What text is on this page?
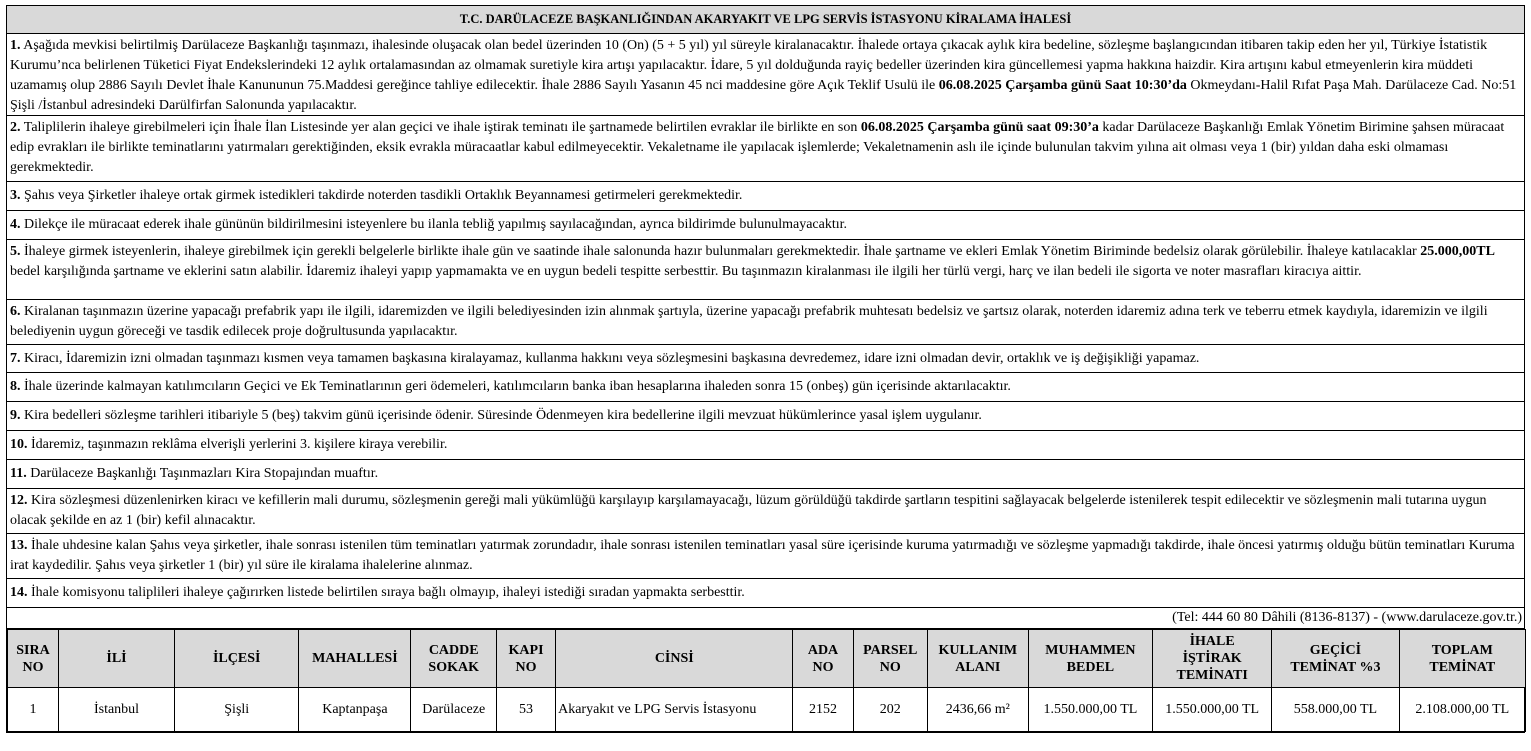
T.C. DARÜLACEZE BAŞKANLIĞINDAN AKARYAKIT VE LPG SERVİS İSTASYONU KİRALAMA İHALESİ
1. Aşağıda mevkisi belirtilmiş Darülaceze Başkanlığı taşınmazı, ihalesinde oluşacak olan bedel üzerinden 10 (On) (5 + 5 yıl) yıl süreyle kiralanacaktır. İhalede ortaya çıkacak aylık kira bedeline, sözleşme başlangıcından itibaren takip eden her yıl, Türkiye İstatistik Kurumu’nca belirlenen Tüketici Fiyat Endekslerindeki 12 aylık ortalamasından az olmamak suretiyle kira artışı yapılacaktır. İdare, 5 yıl dolduğunda rayiç bedeller üzerinden kira güncellemesi yapma hakkına haizdir. Kira artışını kabul etmeyenlerin kira müddeti uzamamış olup 2886 Sayılı Devlet İhale Kanununun 75.Maddesi gereğince tahliye edilecektir. İhale 2886 Sayılı Yasanın 45 nci maddesine göre Açık Teklif Usulü ile 06.08.2025 Çarşamba günü Saat 10:30’da Okmeydanı-Halil Rıfat Paşa Mah. Darülaceze Cad. No:51 Şişli /İstanbul adresindeki Darülfirfan Salonunda yapılacaktır.
2. Taliplilerin ihaleye girebilmeleri için İhale İlan Listesinde yer alan geçici ve ihale iştirak teminatı ile şartnamede belirtilen evraklar ile birlikte en son 06.08.2025 Çarşamba günü saat 09:30’a kadar Darülaceze Başkanlığı Emlak Yönetim Birimine şahsen müracaat edip evrakları ile birlikte teminatlarını yatırmaları gerektiğinden, eksik evrakla müracaatlar kabul edilmeyecektir. Vekaletname ile yapılacak işlemlerde; Vekaletnamenin aslı ile içinde bulunulan takvim yılına ait olması veya 1 (bir) yıldan daha eski olmaması gerekmektedir.
3. Şahıs veya Şirketler ihaleye ortak girmek istedikleri takdirde noterden tasdikli Ortaklık Beyannamesi getirmeleri gerekmektedir.
4. Dilekçe ile müracaat ederek ihale gününün bildirilmesini isteyenlere bu ilanla tebliğ yapılmış sayılacağından, ayrıca bildirimde bulunulmayacaktır.
5. İhaleye girmek isteyenlerin, ihaleye girebilmek için gerekli belgelerle birlikte ihale gün ve saatinde ihale salonunda hazır bulunmaları gerekmektedir. İhale şartname ve ekleri Emlak Yönetim Biriminde bedelsiz olarak görülebilir. İhaleye katılacaklar 25.000,00TL bedel karşılığında şartname ve eklerini satın alabilir. İdaremiz ihaleyi yapıp yapmamakta ve en uygun bedeli tespitte serbesttir. Bu taşınmazın kiralanması ile ilgili her türlü vergi, harç ve ilan bedeli ile sigorta ve noter masrafları kiracıya aittir.
6. Kiralanan taşınmazın üzerine yapacağı prefabrik yapı ile ilgili, idaremizden ve ilgili belediyesinden izin alınmak şartıyla, üzerine yapacağı prefabrik muhtesatı bedelsiz ve şartsız olarak, noterden idaremiz adına terk ve teberru etmek kaydıyla, idaremizin ve ilgili belediyenin uygun göreceği ve tasdik edilecek proje doğrultusunda yapılacaktır.
7. Kiracı, İdaremizin izni olmadan taşınmazı kısmen veya tamamen başkasına kiralayamaz, kullanma hakkını veya sözleşmesini başkasına devredemez, idare izni olmadan devir, ortaklık ve iş değişikliği yapamaz.
8. İhale üzerinde kalmayan katılımcıların Geçici ve Ek Teminatlarının geri ödemeleri, katılımcıların banka iban hesaplarına ihaleden sonra 15 (onbeş) gün içerisinde aktarılacaktır.
9. Kira bedelleri sözleşme tarihleri itibariyle 5 (beş) takvim günü içerisinde ödenir. Süresinde Ödenmeyen kira bedellerine ilgili mevzuat hükümlerince yasal işlem uygulanır.
10. İdaremiz, taşınmazın reklâma elverişli yerlerini 3. kişilere kiraya verebilir.
11. Darülaceze Başkanlığı Taşınmazları Kira Stopajından muaftır.
12. Kira sözleşmesi düzenlenirken kiracı ve kefillerin mali durumu, sözleşmenin gereği mali yükümlüğü karşılayıp karşılamayacağı, lüzum görüldüğü takdirde şartların tespitini sağlayacak belgelerde istenilerek tespit edilecektir ve sözleşmenin mali tutarına uygun olacak şekilde en az 1 (bir) kefil alınacaktır.
13. İhale uhdesine kalan Şahıs veya şirketler, ihale sonrası istenilen tüm teminatları yatırmak zorundadır, ihale sonrası istenilen teminatları yasal süre içerisinde kuruma yatırmadığı ve sözleşme yapmadığı takdirde, ihale öncesi yatırmış olduğu bütün teminatları Kuruma irat kaydedilir. Şahıs veya şirketler 1 (bir) yıl süre ile kiralama ihalelerine alınmaz.
14. İhale komisyonu taliplileri ihaleye çağırırken listede belirtilen sıraya bağlı olmayıp, ihaleyi istediği sıradan yapmakta serbesttir.
(Tel: 444 60 80 Dâhili (8136-8137) - (www.darulaceze.gov.tr.)
SIRA
NO	İLİ	İLÇESİ	MAHALLESİ	CADDE
SOKAK	KAPI
NO	CİNSİ	ADA
NO	PARSEL
NO	KULLANIM
ALANI	MUHAMMEN
BEDEL	İHALE
İŞTİRAK
TEMİNATI	GEÇİCİ
TEMİNAT %3	TOPLAM
TEMİNAT
1	İstanbul	Şişli	Kaptanpaşa	Darülaceze	53	Akaryakıt ve LPG Servis İstasyonu	2152	202	2436,66 m²	1.550.000,00 TL	1.550.000,00 TL	558.000,00 TL	2.108.000,00 TL
